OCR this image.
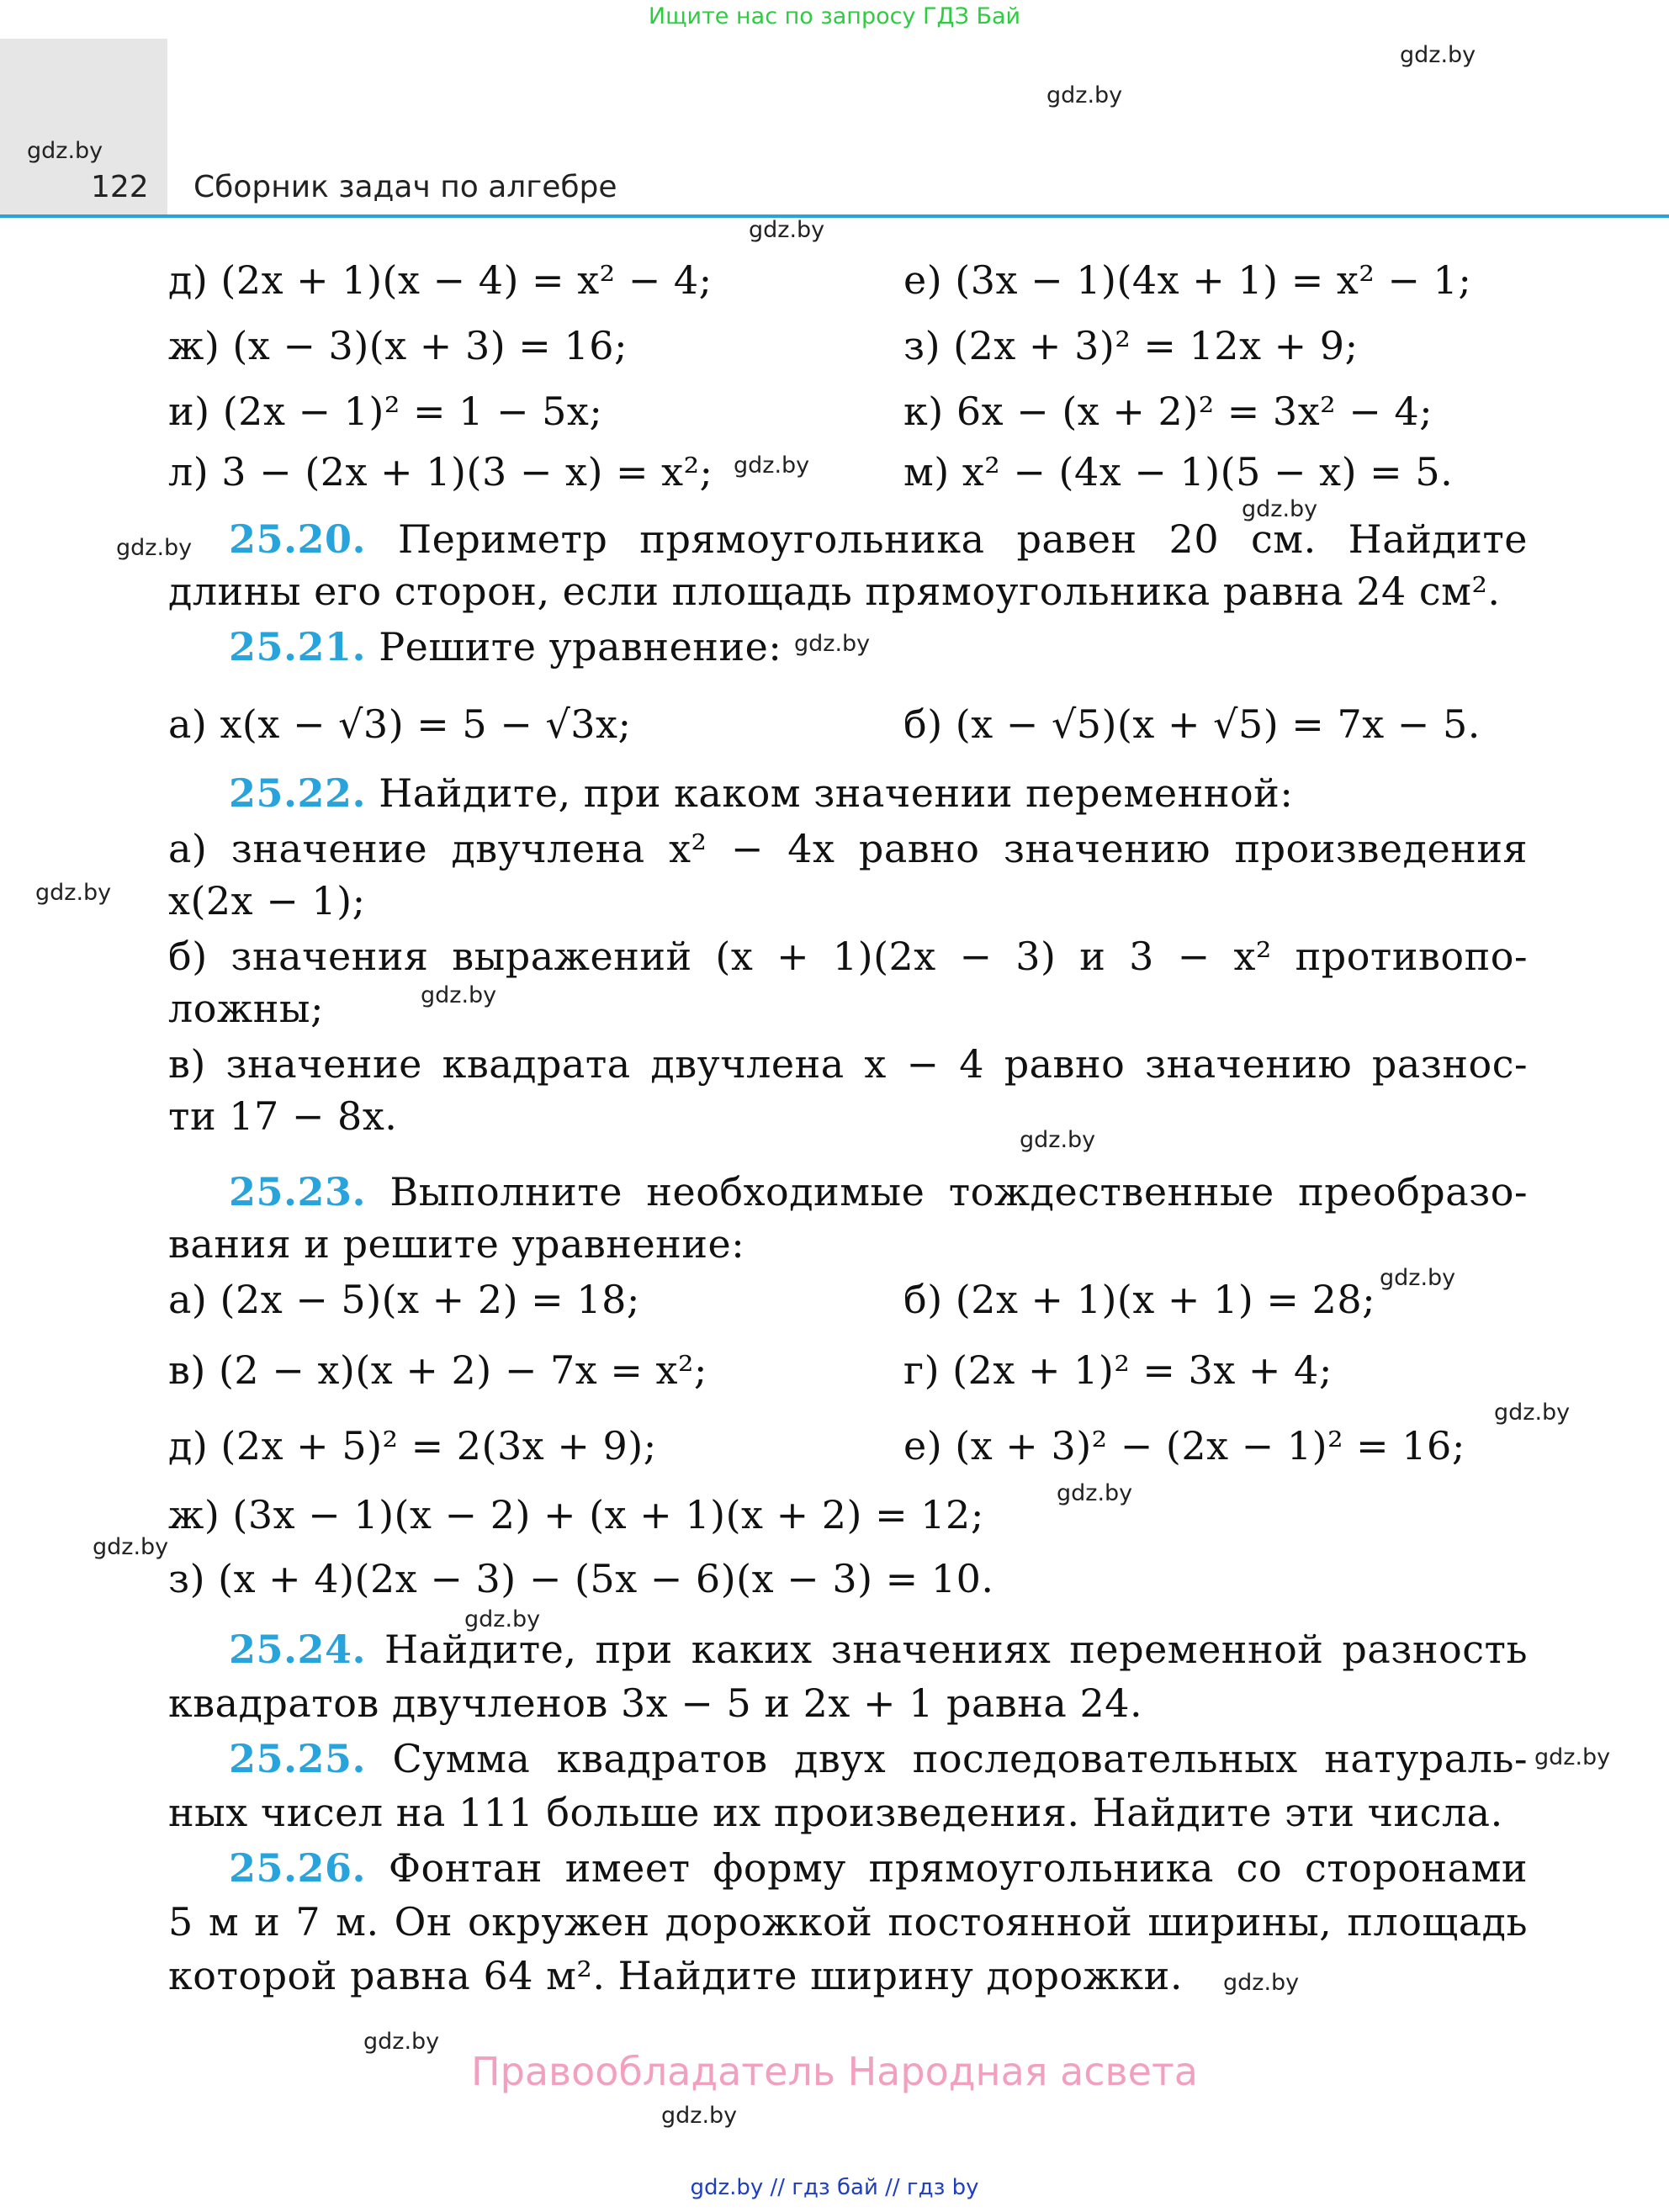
Ищите нас по запросу ГДЗ Бай
122 Сборник задач по алгебре
gdz.by
gdz.by
gdz.by
gdz.by
gdz.by
gdz.by
gdz.by
gdz.by
gdz.by
gdz.by
gdz.by
gdz.by
gdz.by
gdz.by
gdz.by
gdz.by
gdz.by
gdz.by
gdz.by
gdz.by
д) (2x + 1)(x − 4) = x² − 4;	е) (3x − 1)(4x + 1) = x² − 1;
ж) (x − 3)(x + 3) = 16;	з) (2x + 3)² = 12x + 9;
и) (2x − 1)² = 1 − 5x;	к) 6x − (x + 2)² = 3x² − 4;
л) 3 − (2x + 1)(3 − x) = x²;	м) x² − (4x − 1)(5 − x) = 5.
25.20. Периметр прямоугольника равен 20 см. Найдите
длины его сторон, если площадь прямоугольника равна 24 см².
25.21. Решите уравнение:
а) x(x − √3) = 5 − √3x;	б) (x − √5)(x + √5) = 7x − 5.
25.22. Найдите, при каком значении переменной:
а) значение двучлена x² − 4x равно значению произведения
x(2x − 1);
б) значения выражений (x + 1)(2x − 3) и 3 − x² противопо-
ложны;
в) значение квадрата двучлена x − 4 равно значению разнос-
ти 17 − 8x.
25.23. Выполните необходимые тождественные преобразо-
вания и решите уравнение:
а) (2x − 5)(x + 2) = 18;	б) (2x + 1)(x + 1) = 28;
в) (2 − x)(x + 2) − 7x = x²;	г) (2x + 1)² = 3x + 4;
д) (2x + 5)² = 2(3x + 9);	е) (x + 3)² − (2x − 1)² = 16;
ж) (3x − 1)(x − 2) + (x + 1)(x + 2) = 12;
з) (x + 4)(2x − 3) − (5x − 6)(x − 3) = 10.
25.24. Найдите, при каких значениях переменной разность
квадратов двучленов 3x − 5 и 2x + 1 равна 24.
25.25. Сумма квадратов двух последовательных натураль-
ных чисел на 111 больше их произведения. Найдите эти числа.
25.26. Фонтан имеет форму прямоугольника со сторонами
5 м и 7 м. Он окружен дорожкой постоянной ширины, площадь
которой равна 64 м². Найдите ширину дорожки.
Правообладатель Народная асвета
gdz.by // гдз бай // гдз by
